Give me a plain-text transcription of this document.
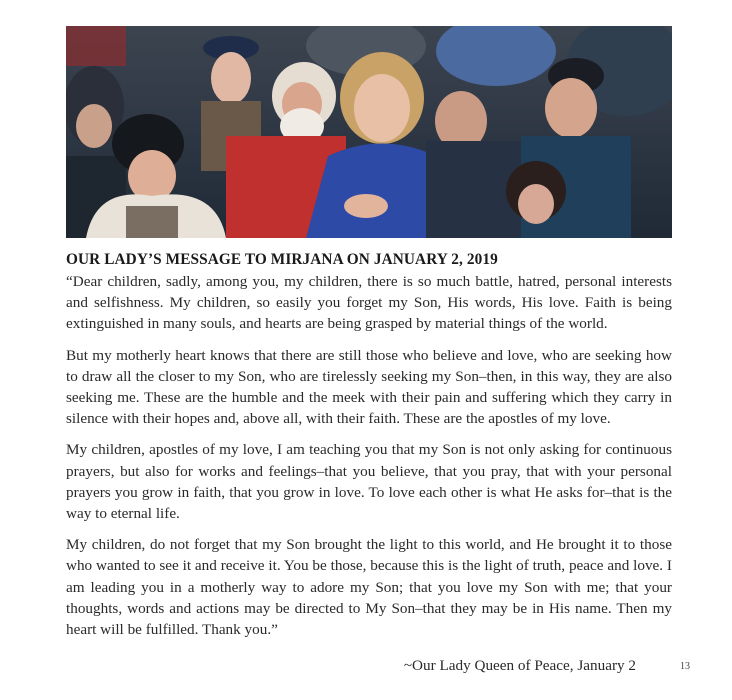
OUR LADY’S MESSAGE TO MIRJANA ON JANUARY 2, 2019

“Dear children, sadly, among you, my children, there is so much battle, hatred, personal interests and selfishness. My children, so easily you forget my Son, His words, His love. Faith is being extinguished in many souls, and hearts are being grasped by material things of the world.

But my motherly heart knows that there are still those who believe and love, who are seeking how to draw all the closer to my Son, who are tirelessly seeking my Son–then, in this way, they are also seeking me. These are the humble and the meek with their pain and suffering which they carry in silence with their hopes and, above all, with their faith. These are the apostles of my love.

My children, apostles of my love, I am teaching you that my Son is not only asking for continuous prayers, but also for works and feelings–that you believe, that you pray, that with your personal prayers you grow in faith, that you grow in love. To love each other is what He asks for–that is the way to eternal life.

My children, do not forget that my Son brought the light to this world, and He brought it to those who wanted to see it and receive it. You be those, because this is the light of truth, peace and love. I am leading you in a motherly way to adore my Son; that you love my Son with me; that your thoughts, words and actions may be directed to My Son–that they may be in His name. Then my heart will be fulfilled. Thank you.”

~Our Lady Queen of Peace, January 2	13
